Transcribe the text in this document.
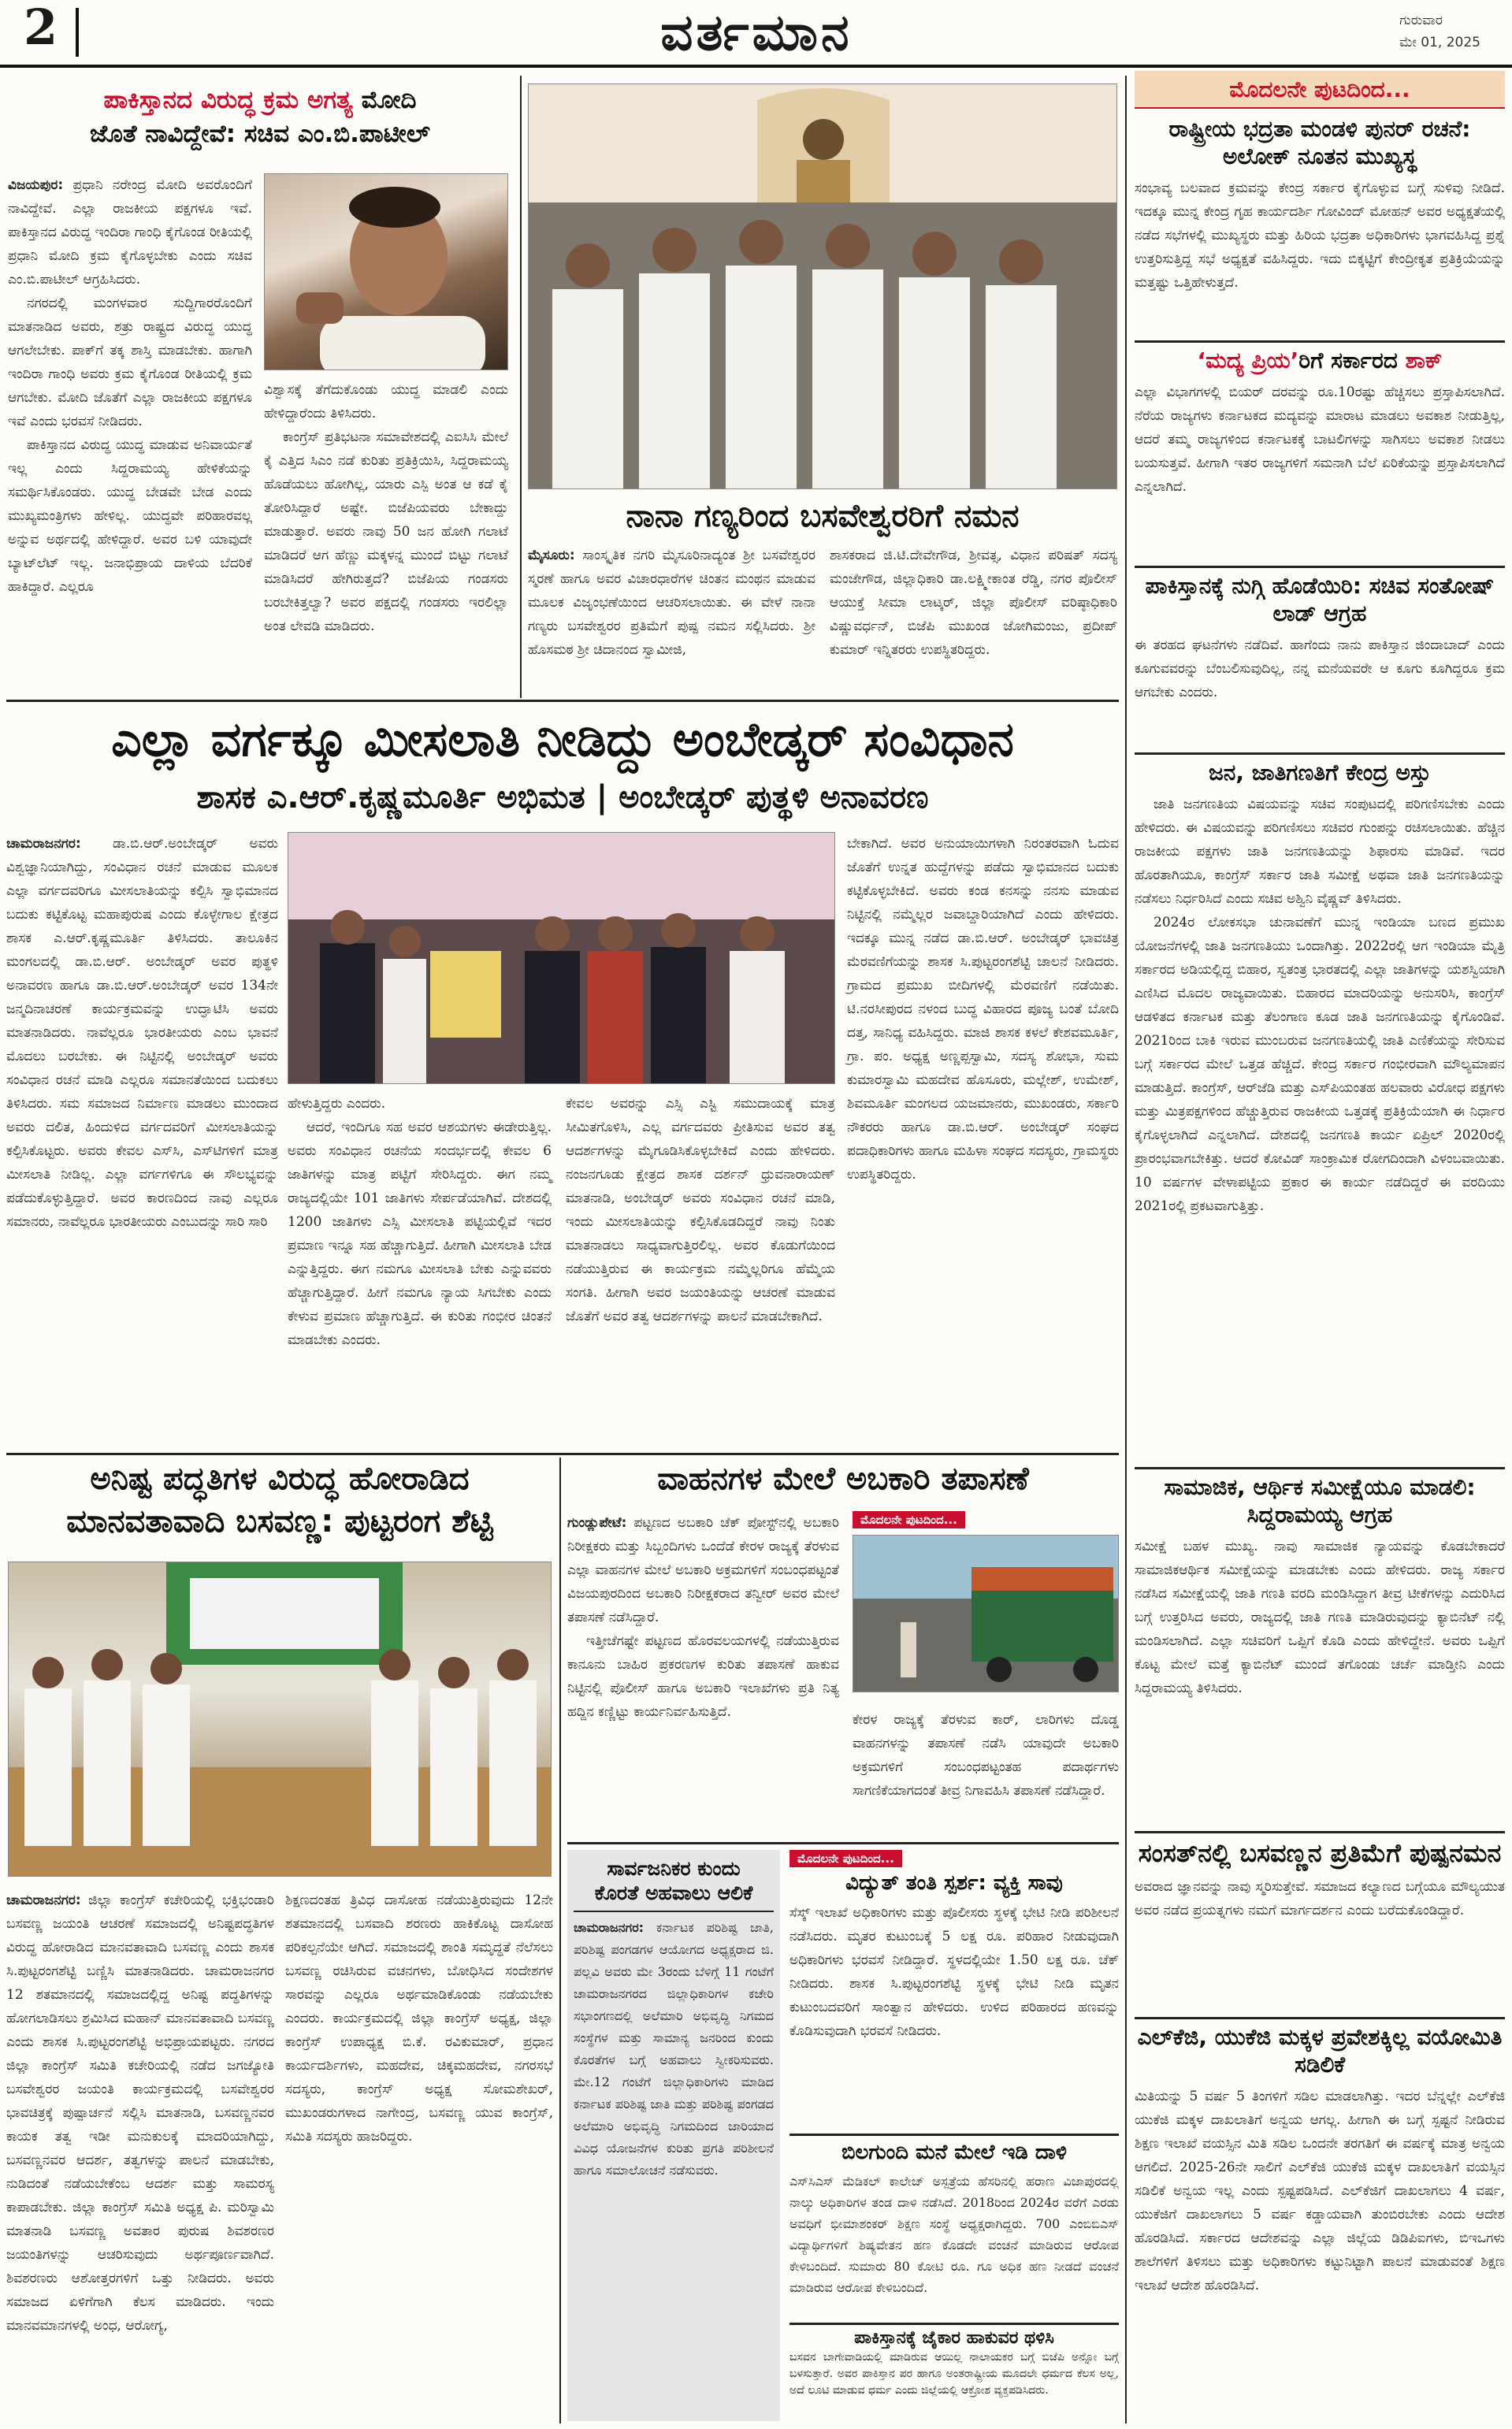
2	ವರ್ತಮಾನ	ಗುರುವಾರ
ಮೇ 01, 2025
ಪಾಕಿಸ್ತಾನದ ವಿರುದ್ಧ ಕ್ರಮ ಅಗತ್ಯ ಮೋದಿ
ಜೊತೆ ನಾವಿದ್ದೇವೆ: ಸಚಿವ ಎಂ.ಬಿ.ಪಾಟೀಲ್

ವಿಜಯಪುರ: ಪ್ರಧಾನಿ ನರೇಂದ್ರ ಮೋದಿ ಅವರೊಂದಿಗೆ ನಾವಿದ್ದೇವೆ. ಎಲ್ಲಾ ರಾಜಕೀಯ ಪಕ್ಷಗಳೂ ಇವೆ. ಪಾಕಿಸ್ತಾನದ ವಿರುದ್ಧ ಇಂದಿರಾ ಗಾಂಧಿ ಕೈಗೊಂಡ ರೀತಿಯಲ್ಲಿ ಪ್ರಧಾನಿ ಮೋದಿ ಕ್ರಮ ಕೈಗೊಳ್ಳಬೇಕು ಎಂದು ಸಚಿವ ಎಂ.ಬಿ.ಪಾಟೀಲ್ ಆಗ್ರಹಿಸಿದರು.

ನಗರದಲ್ಲಿ ಮಂಗಳವಾರ ಸುದ್ದಿಗಾರರೊಂದಿಗೆ ಮಾತನಾಡಿದ ಅವರು, ಶತ್ರು ರಾಷ್ಟ್ರದ ವಿರುದ್ಧ ಯುದ್ಧ ಆಗಲೇಬೇಕು. ಪಾಕ್‌ಗೆ ತಕ್ಕ ಶಾಸ್ತಿ ಮಾಡಬೇಕು. ಹಾಗಾಗಿ ಇಂದಿರಾ ಗಾಂಧಿ ಅವರು ಕ್ರಮ ಕೈಗೊಂಡ ರೀತಿಯಲ್ಲಿ ಕ್ರಮ ಆಗಬೇಕು. ಮೋದಿ ಜೊತೆಗೆ ಎಲ್ಲಾ ರಾಜಕೀಯ ಪಕ್ಷಗಳೂ ಇವೆ ಎಂದು ಭರವಸೆ ನೀಡಿದರು.

ಪಾಕಿಸ್ತಾನದ ವಿರುದ್ಧ ಯುದ್ಧ ಮಾಡುವ ಅನಿವಾರ್ಯತೆ ಇಲ್ಲ ಎಂದು ಸಿದ್ದರಾಮಯ್ಯ ಹೇಳಿಕೆಯನ್ನು ಸಮರ್ಥಿಸಿಕೊಂಡರು. ಯುದ್ಧ ಬೇಡವೇ ಬೇಡ ಎಂದು ಮುಖ್ಯಮಂತ್ರಿಗಳು ಹೇಳಿಲ್ಲ. ಯುದ್ಧವೇ ಪರಿಹಾರವಲ್ಲ ಅನ್ನುವ ಅರ್ಥದಲ್ಲಿ ಹೇಳಿದ್ದಾರೆ. ಅವರ ಬಳಿ ಯಾವುದೇ ಬ್ಯಾಟ್‌ಲೆಟ್ ಇಲ್ಲ. ಜನಾಭಿಪ್ರಾಯ ದಾಳಿಯ ಬೆದರಿಕೆ ಹಾಕಿದ್ದಾರೆ. ಎಲ್ಲರೂ

ವಿಶ್ವಾಸಕ್ಕೆ ತೆಗೆದುಕೊಂಡು ಯುದ್ಧ ಮಾಡಲಿ ಎಂದು ಹೇಳಿದ್ದಾರೆಂದು ತಿಳಿಸಿದರು.

ಕಾಂಗ್ರೆಸ್ ಪ್ರತಿಭಟನಾ ಸಮಾವೇಶದಲ್ಲಿ ಎಐಸಿಸಿ ಮೇಲೆ ಕೈ ಎತ್ತಿದ ಸಿಎಂ ನಡೆ ಕುರಿತು ಪ್ರತಿಕ್ರಿಯಿಸಿ, ಸಿದ್ದರಾಮಯ್ಯ ಹೊಡೆಯಲು ಹೋಗಿಲ್ಲ, ಯಾರು ಎಸ್ಪಿ ಅಂತ ಆ ಕಡೆ ಕೈ ತೋರಿಸಿದ್ದಾರೆ ಅಷ್ಟೇ. ಬಿಜೆಪಿಯವರು ಬೇಕಾದ್ದು ಮಾಡುತ್ತಾರೆ. ಅವರು ನಾವು 50 ಜನ ಹೋಗಿ ಗಲಾಟೆ ಮಾಡಿದರೆ ಆಗ ಹೆಣ್ಣು ಮಕ್ಕಳನ್ನ ಮುಂದೆ ಬಿಟ್ಟು ಗಲಾಟೆ ಮಾಡಿಸಿದರೆ ಹೇಗಿರುತ್ತದೆ? ಬಿಜೆಪಿಯ ಗಂಡಸರು ಬರಬೇಕಿತ್ತಲ್ವಾ? ಅವರ ಪಕ್ಷದಲ್ಲಿ ಗಂಡಸರು ಇರಲಿಲ್ಲಾ ಅಂತ ಲೇವಡಿ ಮಾಡಿದರು.

ನಾನಾ ಗಣ್ಯರಿಂದ ಬಸವೇಶ್ವರರಿಗೆ ನಮನ

ಮೈಸೂರು: ಸಾಂಸ್ಕೃತಿಕ ನಗರಿ ಮೈಸೂರಿನಾದ್ಯಂತ ಶ್ರೀ ಬಸವೇಶ್ವರರ ಸ್ಮರಣೆ ಹಾಗೂ ಅವರ ವಿಚಾರಧಾರೆಗಳ ಚಿಂತನ ಮಂಥನ ಮಾಡುವ ಮೂಲಕ ವಿಜೃಂಭಣೆಯಿಂದ ಆಚರಿಸಲಾಯಿತು. ಈ ವೇಳೆ ನಾನಾ ಗಣ್ಯರು ಬಸವೇಶ್ವರರ ಪ್ರತಿಮೆಗೆ ಪುಷ್ಪ ನಮನ ಸಲ್ಲಿಸಿದರು. ಶ್ರೀ ಹೊಸಮಠ ಶ್ರೀ ಚಿದಾನಂದ ಸ್ವಾಮೀಜಿ,

ಶಾಸಕರಾದ ಜಿ.ಟಿ.ದೇವೇಗೌಡ, ಶ್ರೀವತ್ಸ, ವಿಧಾನ ಪರಿಷತ್ ಸದಸ್ಯ ಮಂಜೇಗೌಡ, ಜಿಲ್ಲಾಧಿಕಾರಿ ಡಾ.ಲಕ್ಷ್ಮೀಕಾಂತ ರೆಡ್ಡಿ, ನಗರ ಪೊಲೀಸ್ ಆಯುಕ್ತೆ ಸೀಮಾ ಲಾಟ್ಕರ್, ಜಿಲ್ಲಾ ಪೊಲೀಸ್ ವರಿಷ್ಠಾಧಿಕಾರಿ ವಿಷ್ಣುವರ್ಧನ್, ಬಿಜೆಪಿ ಮುಖಂಡ ಜೋಗಿಮಂಜು, ಪ್ರದೀಪ್ ಕುಮಾರ್ ಇನ್ನಿತರರು ಉಪಸ್ಥಿತರಿದ್ದರು.

ಮೊದಲನೇ ಪುಟದಿಂದ...
ರಾಷ್ಟ್ರೀಯ ಭದ್ರತಾ ಮಂಡಳಿ ಪುನರ್ ರಚನೆ: ಅಲೋಕ್ ನೂತನ ಮುಖ್ಯಸ್ಥ

ಸಂಭಾವ್ಯ ಬಲವಾದ ಕ್ರಮವನ್ನು ಕೇಂದ್ರ ಸರ್ಕಾರ ಕೈಗೊಳ್ಳುವ ಬಗ್ಗೆ ಸುಳಿವು ನೀಡಿದೆ. ಇದಕ್ಕೂ ಮುನ್ನ ಕೇಂದ್ರ ಗೃಹ ಕಾರ್ಯದರ್ಶಿ ಗೋವಿಂದ್ ಮೋಹನ್ ಅವರ ಅಧ್ಯಕ್ಷತೆಯಲ್ಲಿ ನಡೆದ ಸಭೆಗಳಲ್ಲಿ ಮುಖ್ಯಸ್ಥರು ಮತ್ತು ಹಿರಿಯ ಭದ್ರತಾ ಅಧಿಕಾರಿಗಳು ಭಾಗವಹಿಸಿದ್ದ ಪ್ರಶ್ನೆ ಉತ್ತರಿಸುತ್ತಿದ್ದ ಸಭೆ ಅಧ್ಯಕ್ಷತೆ ವಹಿಸಿದ್ದರು. ಇದು ಬಿಕ್ಕಟ್ಟಿಗೆ ಕೇಂದ್ರೀಕೃತ ಪ್ರತಿಕ್ರಿಯೆಯನ್ನು ಮತ್ತಷ್ಟು ಒತ್ತಿಹೇಳುತ್ತದೆ.

‘ಮದ್ಯ ಪ್ರಿಯ’ರಿಗೆ ಸರ್ಕಾರದ ಶಾಕ್

ಎಲ್ಲಾ ವಿಭಾಗಗಳಲ್ಲಿ ಬಿಯರ್ ದರವನ್ನು ರೂ.10ರಷ್ಟು ಹೆಚ್ಚಿಸಲು ಪ್ರಸ್ತಾಪಿಸಲಾಗಿದೆ. ನೆರೆಯ ರಾಜ್ಯಗಳು ಕರ್ನಾಟಕದ ಮದ್ಯವನ್ನು ಮಾರಾಟ ಮಾಡಲು ಅವಕಾಶ ನೀಡುತ್ತಿಲ್ಲ, ಆದರೆ ತಮ್ಮ ರಾಜ್ಯಗಳಿಂದ ಕರ್ನಾಟಕಕ್ಕೆ ಬಾಟಲಿಗಳನ್ನು ಸಾಗಿಸಲು ಅವಕಾಶ ನೀಡಲು ಬಯಸುತ್ತವೆ. ಹೀಗಾಗಿ ಇತರ ರಾಜ್ಯಗಳಿಗೆ ಸಮನಾಗಿ ಬೆಲೆ ಏರಿಕೆಯನ್ನು ಪ್ರಸ್ತಾಪಿಸಲಾಗಿದೆ ಎನ್ನಲಾಗಿದೆ.

ಪಾಕಿಸ್ತಾನಕ್ಕೆ ನುಗ್ಗಿ ಹೊಡೆಯಿರಿ: ಸಚಿವ ಸಂತೋಷ್ ಲಾಡ್ ಆಗ್ರಹ

ಈ ತರಹದ ಘಟನೆಗಳು ನಡೆದಿವೆ. ಹಾಗೆಂದು ನಾನು ಪಾಕಿಸ್ತಾನ ಜಿಂದಾಬಾದ್ ಎಂದು ಕೂಗುವವರನ್ನು ಬೆಂಬಲಿಸುವುದಿಲ್ಲ, ನನ್ನ ಮನೆಯವರೇ ಆ ಕೂಗು ಕೂಗಿದ್ದರೂ ಕ್ರಮ ಆಗಬೇಕು ಎಂದರು.

ಜನ, ಜಾತಿಗಣತಿಗೆ ಕೇಂದ್ರ ಅಸ್ತು

ಜಾತಿ ಜನಗಣತಿಯ ವಿಷಯವನ್ನು ಸಚಿವ ಸಂಪುಟದಲ್ಲಿ ಪರಿಗಣಿಸಬೇಕು ಎಂದು ಹೇಳಿದರು. ಈ ವಿಷಯವನ್ನು ಪರಿಗಣಿಸಲು ಸಚಿವರ ಗುಂಪನ್ನು ರಚಿಸಲಾಯಿತು. ಹೆಚ್ಚಿನ ರಾಜಕೀಯ ಪಕ್ಷಗಳು ಜಾತಿ ಜನಗಣತಿಯನ್ನು ಶಿಫಾರಸು ಮಾಡಿವೆ. ಇದರ ಹೊರತಾಗಿಯೂ, ಕಾಂಗ್ರೆಸ್ ಸರ್ಕಾರ ಜಾತಿ ಸಮೀಕ್ಷೆ ಅಥವಾ ಜಾತಿ ಜನಗಣತಿಯನ್ನು ನಡೆಸಲು ನಿರ್ಧರಿಸಿದೆ ಎಂದು ಸಚಿವ ಅಶ್ವಿನಿ ವೈಷ್ಣವ್ ತಿಳಿಸಿದರು.

2024ರ ಲೋಕಸಭಾ ಚುನಾವಣೆಗೆ ಮುನ್ನ ಇಂಡಿಯಾ ಬಣದ ಪ್ರಮುಖ ಯೋಜನೆಗಳಲ್ಲಿ ಜಾತಿ ಜನಗಣತಿಯು ಒಂದಾಗಿತ್ತು. 2022ರಲ್ಲಿ ಆಗ ಇಂಡಿಯಾ ಮೈತ್ರಿ ಸರ್ಕಾರದ ಅಡಿಯಲ್ಲಿದ್ದ ಬಿಹಾರ, ಸ್ವತಂತ್ರ ಭಾರತದಲ್ಲಿ ಎಲ್ಲಾ ಜಾತಿಗಳನ್ನು ಯಶಸ್ವಿಯಾಗಿ ಎಣಿಸಿದ ಮೊದಲ ರಾಜ್ಯವಾಯಿತು. ಬಿಹಾರದ ಮಾದರಿಯನ್ನು ಅನುಸರಿಸಿ, ಕಾಂಗ್ರೆಸ್ ಆಡಳಿತದ ಕರ್ನಾಟಕ ಮತ್ತು ತೆಲಂಗಾಣ ಕೂಡ ಜಾತಿ ಜನಗಣತಿಯನ್ನು ಕೈಗೊಂಡಿವೆ. 2021ರಿಂದ ಬಾಕಿ ಇರುವ ಮುಂಬರುವ ಜನಗಣತಿಯಲ್ಲಿ ಜಾತಿ ಎಣಿಕೆಯನ್ನು ಸೇರಿಸುವ ಬಗ್ಗೆ ಸರ್ಕಾರದ ಮೇಲೆ ಒತ್ತಡ ಹೆಚ್ಚಿದೆ. ಕೇಂದ್ರ ಸರ್ಕಾರ ಗಂಭೀರವಾಗಿ ಮೌಲ್ಯಮಾಪನ ಮಾಡುತ್ತಿದೆ. ಕಾಂಗ್ರೆಸ್, ಆರ್‌ಜೆಡಿ ಮತ್ತು ಎಸ್‌ಪಿಯಂತಹ ಹಲವಾರು ವಿರೋಧ ಪಕ್ಷಗಳು ಮತ್ತು ಮಿತ್ರಪಕ್ಷಗಳಿಂದ ಹೆಚ್ಚುತ್ತಿರುವ ರಾಜಕೀಯ ಒತ್ತಡಕ್ಕೆ ಪ್ರತಿಕ್ರಿಯೆಯಾಗಿ ಈ ನಿರ್ಧಾರ ಕೈಗೊಳ್ಳಲಾಗಿದೆ ಎನ್ನಲಾಗಿದೆ. ದೇಶದಲ್ಲಿ ಜನಗಣತಿ ಕಾರ್ಯ ಏಪ್ರಿಲ್ 2020ರಲ್ಲಿ ಪ್ರಾರಂಭವಾಗಬೇಕಿತ್ತು. ಆದರೆ ಕೋವಿಡ್ ಸಾಂಕ್ರಾಮಿಕ ರೋಗದಿಂದಾಗಿ ವಿಳಂಬವಾಯಿತು. 10 ವರ್ಷಗಳ ವೇಳಾಪಟ್ಟಿಯ ಪ್ರಕಾರ ಈ ಕಾರ್ಯ ನಡೆದಿದ್ದರೆ ಈ ವರದಿಯು 2021ರಲ್ಲಿ ಪ್ರಕಟವಾಗುತ್ತಿತ್ತು.

ಸಾಮಾಜಿಕ, ಆರ್ಥಿಕ ಸಮೀಕ್ಷೆಯೂ ಮಾಡಲಿ: ಸಿದ್ದರಾಮಯ್ಯ ಆಗ್ರಹ

ಸಮೀಕ್ಷೆ ಬಹಳ ಮುಖ್ಯ. ನಾವು ಸಾಮಾಜಿಕ ನ್ಯಾಯವನ್ನು ಕೊಡಬೇಕಾದರೆ ಸಾಮಾಜಿಕಆರ್ಥಿಕ ಸಮೀಕ್ಷೆಯನ್ನು ಮಾಡಬೇಕು ಎಂದು ಹೇಳಿದರು. ರಾಜ್ಯ ಸರ್ಕಾರ ನಡೆಸಿದ ಸಮೀಕ್ಷೆಯಲ್ಲಿ ಜಾತಿ ಗಣತಿ ವರದಿ ಮಂಡಿಸಿದ್ದಾಗ ತೀವ್ರ ಟೀಕೆಗಳನ್ನು ಎದುರಿಸಿದ ಬಗ್ಗೆ ಉತ್ತರಿಸಿದ ಅವರು, ರಾಜ್ಯದಲ್ಲಿ ಜಾತಿ ಗಣತಿ ಮಾಡಿರುವುದನ್ನು ಕ್ಯಾಬಿನೆಟ್ ನಲ್ಲಿ ಮಂಡಿಸಲಾಗಿದೆ. ಎಲ್ಲಾ ಸಚಿವರಿಗೆ ಒಪ್ಪಿಗೆ ಕೊಡಿ ಎಂದು ಹೇಳಿದ್ದೇನೆ. ಅವರು ಒಪ್ಪಿಗೆ ಕೊಟ್ಟ ಮೇಲೆ ಮತ್ತೆ ಕ್ಯಾಬಿನೆಟ್ ಮುಂದೆ ತಗೊಂಡು ಚರ್ಚೆ ಮಾಡ್ತೀನಿ ಎಂದು ಸಿದ್ದರಾಮಯ್ಯ ತಿಳಿಸಿದರು.

ಸಂಸತ್‌ನಲ್ಲಿ ಬಸವಣ್ಣನ ಪ್ರತಿಮೆಗೆ ಪುಷ್ಪನಮನ

ಅವರಾದ ಜ್ಞಾನವನ್ನು ನಾವು ಸ್ಮರಿಸುತ್ತೇವೆ. ಸಮಾಜದ ಕಲ್ಯಾಣದ ಬಗ್ಗೆಯೂ ಮೌಲ್ಯಯುತ ಅವರ ನಡೆದ ಪ್ರಯತ್ನಗಳು ನಮಗೆ ಮಾರ್ಗದರ್ಶನ ಎಂದು ಬರೆದುಕೊಂಡಿದ್ದಾರೆ.

ಎಲ್‌ಕೆಜಿ, ಯುಕೆಜಿ ಮಕ್ಕಳ ಪ್ರವೇಶಕ್ಕಿಲ್ಲ ವಯೋಮಿತಿ ಸಡಿಲಿಕೆ

ಮಿತಿಯನ್ನು 5 ವರ್ಷ 5 ತಿಂಗಳಿಗೆ ಸಡಿಲ ಮಾಡಲಾಗಿತ್ತು. ಇದರ ಬೆನ್ನಲ್ಲೇ ಎಲ್‌ಕೆಜಿ ಯುಕೆಜಿ ಮಕ್ಕಳ ದಾಖಲಾತಿಗೆ ಅನ್ವಯ ಆಗಲ್ಲ. ಹೀಗಾಗಿ ಈ ಬಗ್ಗೆ ಸ್ಪಷ್ಟನೆ ನೀಡಿರುವ ಶಿಕ್ಷಣ ಇಲಾಖೆ ವಯಸ್ಸಿನ ಮಿತಿ ಸಡಿಲ ಒಂದನೇ ತರಗತಿಗೆ ಈ ವರ್ಷಕ್ಕೆ ಮಾತ್ರ ಅನ್ವಯ ಆಗಲಿದೆ. 2025-26ನೇ ಸಾಲಿಗೆ ಎಲ್‌ಕೆಜಿ ಯುಕೆಜಿ ಮಕ್ಕಳ ದಾಖಲಾತಿಗೆ ವಯಸ್ಸಿನ ಸಡಿಲಿಕೆ ಅನ್ವಯ ಇಲ್ಲ ಎಂದು ಸ್ಪಷ್ಟಪಡಿಸಿದೆ. ಎಲ್‌ಕೆಜಿಗೆ ದಾಖಲಾಗಲು 4 ವರ್ಷ, ಯುಕೆಜಿಗೆ ದಾಖಲಾಗಲು 5 ವರ್ಷ ಕಡ್ಡಾಯವಾಗಿ ತುಂಬಿರಬೇಕು ಎಂದು ಆದೇಶ ಹೊರಡಿಸಿದೆ. ಸರ್ಕಾರದ ಆದೇಶವನ್ನು ಎಲ್ಲಾ ಜಿಲ್ಲೆಯ ಡಿಡಿಪಿಐಗಳು, ಬಿಇಒಗಳು ಶಾಲೆಗಳಿಗೆ ತಿಳಿಸಲು ಮತ್ತು ಅಧಿಕಾರಿಗಳು ಕಟ್ಟುನಿಟ್ಟಾಗಿ ಪಾಲನೆ ಮಾಡುವಂತೆ ಶಿಕ್ಷಣ ಇಲಾಖೆ ಆದೇಶ ಹೊರಡಿಸಿದೆ.

ಎಲ್ಲಾ ವರ್ಗಕ್ಕೂ ಮೀಸಲಾತಿ ನೀಡಿದ್ದು ಅಂಬೇಡ್ಕರ್ ಸಂವಿಧಾನ
ಶಾಸಕ ಎ.ಆರ್.ಕೃಷ್ಣಮೂರ್ತಿ ಅಭಿಮತ | ಅಂಬೇಡ್ಕರ್ ಪುತ್ಥಳಿ ಅನಾವರಣ

ಚಾಮರಾಜನಗರ: ಡಾ.ಬಿ.ಆರ್.ಅಂಬೇಡ್ಕರ್ ಅವರು ವಿಶ್ವಜ್ಞಾನಿಯಾಗಿದ್ದು, ಸಂವಿಧಾನ ರಚನೆ ಮಾಡುವ ಮೂಲಕ ಎಲ್ಲಾ ವರ್ಗದವರಿಗೂ ಮೀಸಲಾತಿಯನ್ನು ಕಲ್ಪಿಸಿ ಸ್ವಾಭಿಮಾನದ ಬದುಕು ಕಟ್ಟಿಕೊಟ್ಟ ಮಹಾಪುರುಷ ಎಂದು ಕೊಳ್ಳೇಗಾಲ ಕ್ಷೇತ್ರದ ಶಾಸಕ ಎ.ಆರ್.ಕೃಷ್ಣಮೂರ್ತಿ ತಿಳಿಸಿದರು. ತಾಲೂಕಿನ ಮಂಗಲದಲ್ಲಿ ಡಾ.ಬಿ.ಆರ್. ಅಂಬೇಡ್ಕರ್ ಅವರ ಪುತ್ಥಳಿ ಅನಾವರಣ ಹಾಗೂ ಡಾ.ಬಿ.ಆರ್.ಅಂಬೇಡ್ಕರ್ ಅವರ 134ನೇ ಜನ್ಮದಿನಾಚರಣೆ ಕಾರ್ಯಕ್ರಮವನ್ನು ಉದ್ಘಾಟಿಸಿ ಅವರು ಮಾತನಾಡಿದರು. ನಾವೆಲ್ಲರೂ ಭಾರತೀಯರು ಎಂಬ ಭಾವನೆ ಮೊದಲು ಬರಬೇಕು. ಈ ನಿಟ್ಟಿನಲ್ಲಿ ಅಂಬೇಡ್ಕರ್ ಅವರು ಸಂವಿಧಾನ ರಚನೆ ಮಾಡಿ ಎಲ್ಲರೂ ಸಮಾನತೆಯಿಂದ ಬದುಕಲು ತಿಳಿಸಿದರು. ಸಮ ಸಮಾಜದ ನಿರ್ಮಾಣ ಮಾಡಲು ಮುಂದಾದ ಅವರು ದಲಿತ, ಹಿಂದುಳಿದ ವರ್ಗದವರಿಗೆ ಮೀಸಲಾತಿಯನ್ನು ಕಲ್ಪಿಸಿಕೊಟ್ಟರು. ಅವರು ಕೇವಲ ಎಸ್‌ಸಿ, ಎಸ್‌ಟಿಗಳಿಗೆ ಮಾತ್ರ ಮೀಸಲಾತಿ ನೀಡಿಲ್ಲ. ಎಲ್ಲಾ ವರ್ಗಗಳಿಗೂ ಈ ಸೌಲಭ್ಯವನ್ನು ಪಡೆದುಕೊಳ್ಳುತ್ತಿದ್ದಾರೆ. ಅವರ ಕಾರಣದಿಂದ ನಾವು ಎಲ್ಲರೂ ಸಮಾನರು, ನಾವೆಲ್ಲರೂ ಭಾರತೀಯರು ಎಂಬುದನ್ನು ಸಾರಿ ಸಾರಿ

ಹೇಳುತ್ತಿದ್ದರು ಎಂದರು.

ಆದರೆ, ಇಂದಿಗೂ ಸಹ ಅವರ ಆಶಯಗಳು ಈಡೇರುತ್ತಿಲ್ಲ. ಅವರು ಸಂವಿಧಾನ ರಚನೆಯ ಸಂದರ್ಭದಲ್ಲಿ ಕೇವಲ 6 ಜಾತಿಗಳನ್ನು ಮಾತ್ರ ಪಟ್ಟಿಗೆ ಸೇರಿಸಿದ್ದರು. ಈಗ ನಮ್ಮ ರಾಜ್ಯದಲ್ಲಿಯೇ 101 ಜಾತಿಗಳು ಸೇರ್ಪಡೆಯಾಗಿವೆ. ದೇಶದಲ್ಲಿ 1200 ಜಾತಿಗಳು ಎಸ್ಸಿ ಮೀಸಲಾತಿ ಪಟ್ಟಿಯಲ್ಲಿವೆ ಇದರ ಪ್ರಮಾಣ ಇನ್ನೂ ಸಹ ಹೆಚ್ಚಾಗುತ್ತಿದೆ. ಹೀಗಾಗಿ ಮೀಸಲಾತಿ ಬೇಡ ಎನ್ನುತ್ತಿದ್ದರು. ಈಗ ನಮಗೂ ಮೀಸಲಾತಿ ಬೇಕು ಎನ್ನುವವರು ಹೆಚ್ಚಾಗುತ್ತಿದ್ದಾರೆ. ಹೀಗೆ ನಮಗೂ ನ್ಯಾಯ ಸಿಗಬೇಕು ಎಂದು ಕೇಳುವ ಪ್ರಮಾಣ ಹೆಚ್ಚಾಗುತ್ತಿದೆ. ಈ ಕುರಿತು ಗಂಭೀರ ಚಿಂತನೆ ಮಾಡಬೇಕು ಎಂದರು.

ಕೇವಲ ಅವರನ್ನು ಎಸ್ಸಿ ಎಸ್ಟಿ ಸಮುದಾಯಕ್ಕೆ ಮಾತ್ರ ಸೀಮಿತಗೊಳಿಸಿ, ಎಲ್ಲ ವರ್ಗದವರು ಪ್ರೀತಿಸುವ ಅವರ ತತ್ವ ಆದರ್ಶಗಳನ್ನು ಮೈಗೂಡಿಸಿಕೊಳ್ಳಬೇಕಿದೆ ಎಂದು ಹೇಳಿದರು. ನಂಜನಗೂಡು ಕ್ಷೇತ್ರದ ಶಾಸಕ ದರ್ಶನ್ ಧ್ರುವನಾರಾಯಣ್ ಮಾತನಾಡಿ, ಅಂಬೇಡ್ಕರ್ ಅವರು ಸಂವಿಧಾನ ರಚನೆ ಮಾಡಿ, ಇಂದು ಮೀಸಲಾತಿಯನ್ನು ಕಲ್ಪಿಸಿಕೊಡದಿದ್ದರೆ ನಾವು ನಿಂತು ಮಾತನಾಡಲು ಸಾಧ್ಯವಾಗುತ್ತಿರಲಿಲ್ಲ. ಅವರ ಕೊಡುಗೆಯಿಂದ ನಡೆಯುತ್ತಿರುವ ಈ ಕಾರ್ಯಕ್ರಮ ನಮ್ಮೆಲ್ಲರಿಗೂ ಹೆಮ್ಮೆಯ ಸಂಗತಿ. ಹೀಗಾಗಿ ಅವರ ಜಯಂತಿಯನ್ನು ಆಚರಣೆ ಮಾಡುವ ಜೊತೆಗೆ ಅವರ ತತ್ವ ಆದರ್ಶಗಳನ್ನು ಪಾಲನೆ ಮಾಡಬೇಕಾಗಿದೆ.

ಬೇಕಾಗಿದೆ. ಅವರ ಅನುಯಾಯಿಗಳಾಗಿ ನಿರಂತರವಾಗಿ ಓದುವ ಜೊತೆಗೆ ಉನ್ನತ ಹುದ್ದೆಗಳನ್ನು ಪಡೆದು ಸ್ವಾಭಿಮಾನದ ಬದುಕು ಕಟ್ಟಿಕೊಳ್ಳಬೇಕಿದೆ. ಅವರು ಕಂಡ ಕನಸನ್ನು ನನಸು ಮಾಡುವ ನಿಟ್ಟಿನಲ್ಲಿ ನಮ್ಮೆಲ್ಲರ ಜವಾಬ್ದಾರಿಯಾಗಿದೆ ಎಂದು ಹೇಳಿದರು. ಇದಕ್ಕೂ ಮುನ್ನ ನಡೆದ ಡಾ.ಬಿ.ಆರ್. ಅಂಬೇಡ್ಕರ್ ಭಾವಚಿತ್ರ ಮೆರವಣಿಗೆಯನ್ನು ಶಾಸಕ ಸಿ.ಪುಟ್ಟರಂಗಶೆಟ್ಟಿ ಚಾಲನೆ ನೀಡಿದರು. ಗ್ರಾಮದ ಪ್ರಮುಖ ಬೀದಿಗಳಲ್ಲಿ ಮೆರವಣಿಗೆ ನಡೆಯಿತು. ಟಿ.ನರಸೀಪುರದ ನಳಂದ ಬುದ್ಧ ವಿಹಾರದ ಪೂಜ್ಯ ಬಂತೆ ಬೋದಿ ದತ್ತ, ಸಾನಿಧ್ಯ ವಹಿಸಿದ್ದರು. ಮಾಜಿ ಶಾಸಕ ಕಳಲೆ ಕೇಶವಮೂರ್ತಿ, ಗ್ರಾ. ಪಂ. ಅಧ್ಯಕ್ಷ ಅಣ್ಣಪ್ಪಸ್ವಾಮಿ, ಸದಸ್ಯ ಶೋಭಾ, ಸುಮ ಕುಮಾರಸ್ವಾಮಿ ಮಹದೇವ ಹೊಸೂರು, ಮಲ್ಲೇಶ್, ಉಮೇಶ್, ಶಿವಮೂರ್ತಿ ಮಂಗಲದ ಯಜಮಾನರು, ಮುಖಂಡರು, ಸರ್ಕಾರಿ ನೌಕರರು ಹಾಗೂ ಡಾ.ಬಿ.ಆರ್. ಅಂಬೇಡ್ಕರ್ ಸಂಘದ ಪದಾಧಿಕಾರಿಗಳು ಹಾಗೂ ಮಹಿಳಾ ಸಂಘದ ಸದಸ್ಯರು, ಗ್ರಾಮಸ್ಥರು ಉಪಸ್ಥಿತರಿದ್ದರು.

ಅನಿಷ್ಟ ಪದ್ಧತಿಗಳ ವಿರುದ್ಧ ಹೋರಾಡಿದ
ಮಾನವತಾವಾದಿ ಬಸವಣ್ಣ: ಪುಟ್ಟರಂಗ ಶೆಟ್ಟಿ

ಚಾಮರಾಜನಗರ: ಜಿಲ್ಲಾ ಕಾಂಗ್ರೆಸ್ ಕಚೇರಿಯಲ್ಲಿ ಭಕ್ತಿಭಂಡಾರಿ ಬಸವಣ್ಣ ಜಯಂತಿ ಆಚರಣೆ ಸಮಾಜದಲ್ಲಿ ಅನಿಷ್ಟಪದ್ಧತಿಗಳ ವಿರುದ್ಧ ಹೋರಾಡಿದ ಮಾನವತಾವಾದಿ ಬಸವಣ್ಣ ಎಂದು ಶಾಸಕ ಸಿ.ಪುಟ್ಟರಂಗಶೆಟ್ಟಿ ಬಣ್ಣಿಸಿ ಮಾತನಾಡಿದರು. ಚಾಮರಾಜನಗರ 12 ಶತಮಾನದಲ್ಲಿ ಸಮಾಜದಲ್ಲಿದ್ದ ಅನಿಷ್ಟ ಪದ್ಧತಿಗಳನ್ನು ಹೋಗಲಾಡಿಸಲು ಶ್ರಮಿಸಿದ ಮಹಾನ್ ಮಾನವತಾವಾದಿ ಬಸವಣ್ಣ ಎಂದು ಶಾಸಕ ಸಿ.ಪುಟ್ಟರಂಗಶೆಟ್ಟಿ ಅಭಿಪ್ರಾಯಪಟ್ಟರು. ನಗರದ ಜಿಲ್ಲಾ ಕಾಂಗ್ರೆಸ್ ಸಮಿತಿ ಕಚೇರಿಯಲ್ಲಿ ನಡೆದ ಜಗಜ್ಯೋತಿ ಬಸವೇಶ್ವರರ ಜಯಂತಿ ಕಾರ್ಯಕ್ರಮದಲ್ಲಿ ಬಸವೇಶ್ವರರ ಭಾವಚಿತ್ರಕ್ಕೆ ಪುಷ್ಪಾರ್ಚನೆ ಸಲ್ಲಿಸಿ ಮಾತನಾಡಿ, ಬಸವಣ್ಣನವರ ಕಾಯಕ ತತ್ವ ಇಡೀ ಮನುಕುಲಕ್ಕೆ ಮಾದರಿಯಾಗಿದ್ದು, ಬಸವಣ್ಣನವರ ಆದರ್ಶ, ತತ್ವಗಳನ್ನು ಪಾಲನೆ ಮಾಡಬೇಕು, ನುಡಿದಂತೆ ನಡೆಯಬೇಕೆಂಬ ಆದರ್ಶ ಮತ್ತು ಸಾಮರಸ್ಯ ಕಾಪಾಡಬೇಕು. ಜಿಲ್ಲಾ ಕಾಂಗ್ರೆಸ್ ಸಮಿತಿ ಅಧ್ಯಕ್ಷ ಪಿ. ಮರಿಸ್ವಾಮಿ ಮಾತನಾಡಿ ಬಸವಣ್ಣ ಅವತಾರ ಪುರುಷ ಶಿವಶರಣರ ಜಯಂತಿಗಳನ್ನು ಆಚರಿಸುವುದು ಅರ್ಥಪೂರ್ಣವಾಗಿದೆ. ಶಿವಶರಣರು ಆಶೋತ್ತರಗಳಿಗೆ ಒತ್ತು ನೀಡಿದರು. ಅವರು ಸಮಾಜದ ಏಳಿಗೆಗಾಗಿ ಕೆಲಸ ಮಾಡಿದರು. ಇಂದು ಮಾನವಮಾನಗಳಲ್ಲಿ ಅಂಧ, ಆರೋಗ್ಯ,

ಶಿಕ್ಷಣದಂತಹ ತ್ರಿವಿಧ ದಾಸೋಹ ನಡೆಯುತ್ತಿರುವುದು 12ನೇ ಶತಮಾನದಲ್ಲಿ ಬಸವಾದಿ ಶರಣರು ಹಾಕಿಕೊಟ್ಟ ದಾಸೋಹ ಪರಿಕಲ್ಪನೆಯೇ ಆಗಿದೆ. ಸಮಾಜದಲ್ಲಿ ಶಾಂತಿ ಸಮೃದ್ಧತೆ ನೆಲೆಸಲು ಬಸವಣ್ಣ ರಚಿಸಿರುವ ವಚನಗಳು, ಬೋಧಿಸಿದ ಸಂದೇಶಗಳ ಸಾರವನ್ನು ಎಲ್ಲರೂ ಅರ್ಥಮಾಡಿಕೊಂಡು ನಡೆಯಬೇಕು ಎಂದರು. ಕಾರ್ಯಕ್ರಮದಲ್ಲಿ ಜಿಲ್ಲಾ ಕಾಂಗ್ರೆಸ್ ಅಧ್ಯಕ್ಷ, ಜಿಲ್ಲಾ ಕಾಂಗ್ರೆಸ್ ಉಪಾಧ್ಯಕ್ಷ ಬಿ.ಕೆ. ರವಿಕುಮಾರ್, ಪ್ರಧಾನ ಕಾರ್ಯದರ್ಶಿಗಳು, ಮಹದೇವ, ಚಿಕ್ಕಮಹದೇವ, ನಗರಸಭೆ ಸದಸ್ಯರು, ಕಾಂಗ್ರೆಸ್ ಅಧ್ಯಕ್ಷ ಸೋಮಶೇಖರ್, ಮುಖಂಡರುಗಳಾದ ನಾಗೇಂದ್ರ, ಬಸವಣ್ಣ ಯುವ ಕಾಂಗ್ರೆಸ್, ಸಮಿತಿ ಸದಸ್ಯರು ಹಾಜರಿದ್ದರು.

ವಾಹನಗಳ ಮೇಲೆ ಅಬಕಾರಿ ತಪಾಸಣೆ

ಗುಂಡ್ಲುಪೇಟೆ: ಪಟ್ಟಣದ ಅಬಕಾರಿ ಚೆಕ್ ಪೋಸ್ಟ್‌ನಲ್ಲಿ ಅಬಕಾರಿ ನಿರೀಕ್ಷಕರು ಮತ್ತು ಸಿಬ್ಬಂದಿಗಳು ಒಂದೆಡೆ ಕೇರಳ ರಾಜ್ಯಕ್ಕೆ ತೆರಳುವ ಎಲ್ಲಾ ವಾಹನಗಳ ಮೇಲೆ ಅಬಕಾರಿ ಅಕ್ರಮಗಳಿಗೆ ಸಂಬಂಧಪಟ್ಟಂತೆ ವಿಜಯಪುರದಿಂದ ಅಬಕಾರಿ ನಿರೀಕ್ಷಕರಾದ ತನ್ವೀರ್ ಅವರ ಮೇಲೆ ತಪಾಸಣೆ ನಡೆಸಿದ್ದಾರೆ.

ಇತ್ತೀಚೆಗಷ್ಟೇ ಪಟ್ಟಣದ ಹೊರವಲಯಗಳಲ್ಲಿ ನಡೆಯುತ್ತಿರುವ ಕಾನೂನು ಬಾಹಿರ ಪ್ರಕರಣಗಳ ಕುರಿತು ತಪಾಸಣೆ ಹಾಕುವ ನಿಟ್ಟಿನಲ್ಲಿ ಪೊಲೀಸ್ ಹಾಗೂ ಅಬಕಾರಿ ಇಲಾಖೆಗಳು ಪ್ರತಿ ನಿತ್ಯ ಹದ್ದಿನ ಕಣ್ಣಿಟ್ಟು ಕಾರ್ಯನಿರ್ವಹಿಸುತ್ತಿದೆ.

ಮೊದಲನೇ ಪುಟದಿಂದ...

ಕೇರಳ ರಾಜ್ಯಕ್ಕೆ ತೆರಳುವ ಕಾರ್, ಲಾರಿಗಳು ದೊಡ್ಡ ವಾಹನಗಳನ್ನು ತಪಾಸಣೆ ನಡೆಸಿ ಯಾವುದೇ ಅಬಕಾರಿ ಅಕ್ರಮಗಳಿಗೆ ಸಂಬಂಧಪಟ್ಟಂತಹ ಪದಾರ್ಥಗಳು ಸಾಗಣಿಕೆಯಾಗದಂತೆ ತೀವ್ರ ನಿಗಾವಹಿಸಿ ತಪಾಸಣೆ ನಡೆಸಿದ್ದಾರೆ.

ಸಾರ್ವಜನಿಕರ ಕುಂದು
ಕೊರತೆ ಅಹವಾಲು ಆಲಿಕೆ

ಚಾಮರಾಜನಗರ: ಕರ್ನಾಟಕ ಪರಿಶಿಷ್ಟ ಜಾತಿ, ಪರಿಶಿಷ್ಟ ಪಂಗಡಗಳ ಆಯೋಗದ ಅಧ್ಯಕ್ಷರಾದ ಜಿ. ಪಲ್ಲವಿ ಅವರು ಮೇ 3ರಂದು ಬೆಳಿಗ್ಗೆ 11 ಗಂಟೆಗೆ ಚಾಮರಾಜನಗರದ ಜಿಲ್ಲಾಧಿಕಾರಿಗಳ ಕಚೇರಿ ಸಭಾಂಗಣದಲ್ಲಿ ಅಲೆಮಾರಿ ಅಭಿವೃದ್ಧಿ ನಿಗಮದ ಸಂಸ್ಥೆಗಳ ಮತ್ತು ಸಾಮಾನ್ಯ ಜನರಿಂದ ಕುಂದು ಕೊರತೆಗಳ ಬಗ್ಗೆ ಅಹವಾಲು ಸ್ವೀಕರಿಸುವರು. ಮೇ.12 ಗಂಟೆಗೆ ಜಿಲ್ಲಾಧಿಕಾರಿಗಳು ಮಾಡಿದ ಕರ್ನಾಟಕ ಪರಿಶಿಷ್ಟ ಜಾತಿ ಮತ್ತು ಪರಿಶಿಷ್ಟ ಪಂಗಡದ ಅಲೆಮಾರಿ ಅಭಿವೃದ್ಧಿ ನಿಗಮದಿಂದ ಜಾರಿಯಾದ ವಿವಿಧ ಯೋಜನೆಗಳ ಕುರಿತು ಪ್ರಗತಿ ಪರಿಶೀಲನೆ ಹಾಗೂ ಸಮಾಲೋಚನೆ ನಡೆಸುವರು.

ಮೊದಲನೇ ಪುಟದಿಂದ...
ವಿದ್ಯುತ್ ತಂತಿ ಸ್ಪರ್ಶ: ವ್ಯಕ್ತಿ ಸಾವು

ಸೆಸ್ಕ್ ಇಲಾಖೆ ಅಧಿಕಾರಿಗಳು ಮತ್ತು ಪೊಲೀಸರು ಸ್ಥಳಕ್ಕೆ ಭೇಟಿ ನೀಡಿ ಪರಿಶೀಲನೆ ನಡೆಸಿದರು. ಮೃತರ ಕುಟುಂಬಕ್ಕೆ 5 ಲಕ್ಷ ರೂ. ಪರಿಹಾರ ನೀಡುವುದಾಗಿ ಅಧಿಕಾರಿಗಳು ಭರವಸೆ ನೀಡಿದ್ದಾರೆ. ಸ್ಥಳದಲ್ಲಿಯೇ 1.50 ಲಕ್ಷ ರೂ. ಚೆಕ್ ನೀಡಿದರು. ಶಾಸಕ ಸಿ.ಪುಟ್ಟರಂಗಶೆಟ್ಟಿ ಸ್ಥಳಕ್ಕೆ ಭೇಟಿ ನೀಡಿ ಮೃತನ ಕುಟುಂಬದವರಿಗೆ ಸಾಂತ್ವಾನ ಹೇಳಿದರು. ಉಳಿದ ಪರಿಹಾರದ ಹಣವನ್ನು ಕೊಡಿಸುವುದಾಗಿ ಭರವಸೆ ನೀಡಿದರು.

ಬಿಲಗುಂದಿ ಮನೆ ಮೇಲೆ ಇಡಿ ದಾಳಿ

ಎಸ್‌ಸಿಎಸ್ ಮೆಡಿಕಲ್ ಕಾಲೇಜ್ ಅಸ್ಪತ್ರೆಯ ಹೆಸರಿನಲ್ಲಿ ಹರಾಣ ವಿಜಾಪುರದಲ್ಲಿ ನಾಲ್ಕು ಅಧಿಕಾರಿಗಳ ತಂಡ ದಾಳಿ ನಡೆಸಿದೆ. 2018ರಿಂದ 2024ರ ವರೆಗೆ ಎರಡು ಅವಧಿಗೆ ಭೀಮಾಶಂಕರ್ ಶಿಕ್ಷಣ ಸಂಸ್ಥೆ ಅಧ್ಯಕ್ಷರಾಗಿದ್ದರು. 700 ಎಂಬಿಬಿಎಸ್ ವಿದ್ಯಾರ್ಥಿಗಳಿಗೆ ಶಿಷ್ಯವೇತನ ಹಣ ಕೊಡದೇ ವಂಚನೆ ಮಾಡಿರುವ ಆರೋಪ ಕೇಳಿಬಂದಿದೆ. ಸುಮಾರು 80 ಕೋಟಿ ರೂ. ಗೂ ಅಧಿಕ ಹಣ ನೀಡದೆ ವಂಚನೆ ಮಾಡಿರುವ ಆರೋಪ ಕೇಳಿಬಂದಿದೆ.

ಪಾಕಿಸ್ತಾನಕ್ಕೆ ಜೈಕಾರ ಹಾಕುವರ ಥಳಿಸಿ

ಬಸವನ ಬಾಗೇವಾಡಿಯಲ್ಲಿ ಮಾಡಿರುವ ಆಯಿಲ್ಲ ನಾಲಾಯಕರ ಬಗ್ಗೆ ಬಿಜೆಪಿ ಅನ್ನೋ ಬಗ್ಗೆ ಬಳಸುತ್ತಾರೆ. ಅವರ ಪಾಕಿಸ್ತಾನ ಪರ ಹಾಗೂ ಅಂತರಾಷ್ಟ್ರೀಯ ಮೂದಲೇ ಧರ್ಮದ ಕೆಲಸ ಅಲ್ಲ, ಅದೆ ಲೂಟಿ ಮಾಡುವ ಧರ್ಮ ಎಂದು ಜಿಲ್ಲೆಯಲ್ಲಿ ಆಕ್ರೋಶ ವ್ಯಕ್ತಪಡಿಸಿದರು.
